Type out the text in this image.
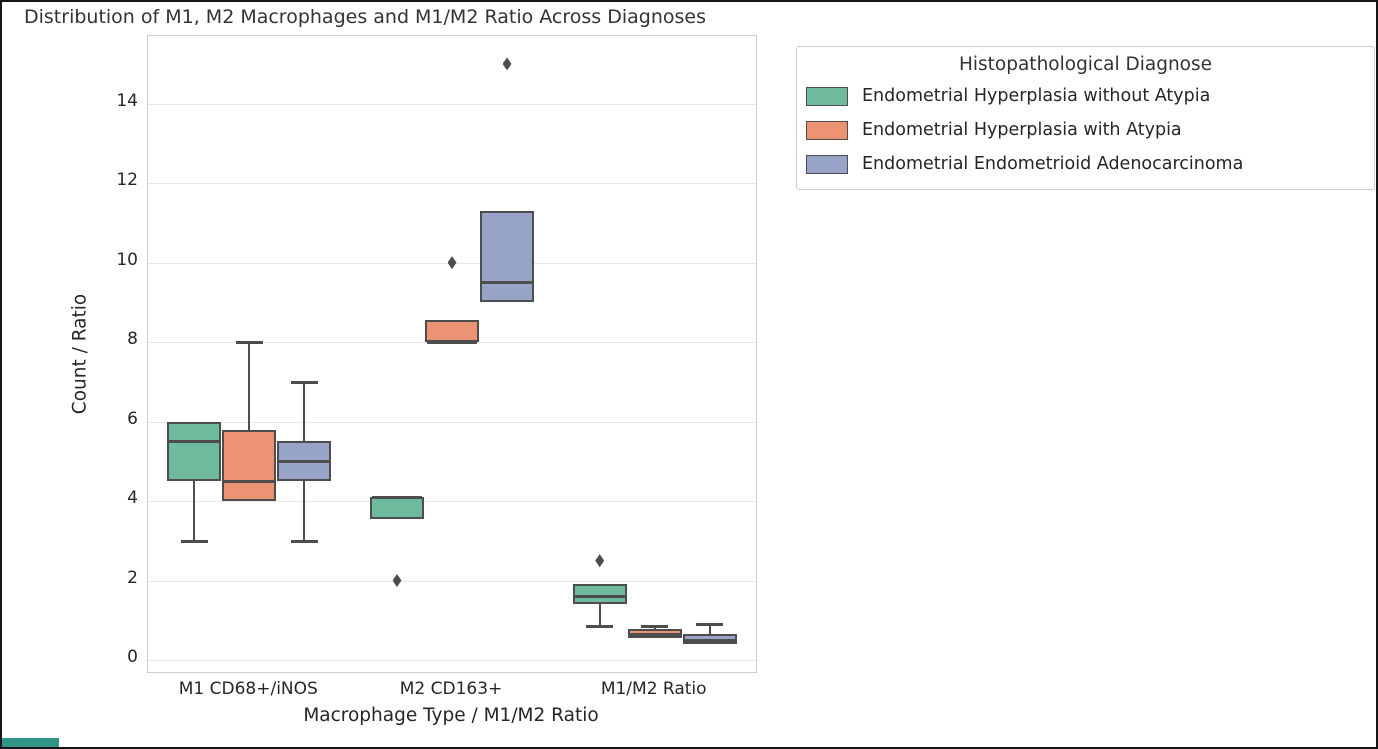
Distribution of M1, M2 Macrophages and M1/M2 Ratio Across Diagnoses
Count / Ratio
Macrophage Type / M1/M2 Ratio
Histopathological Diagnose
Endometrial Hyperplasia without Atypia
Endometrial Hyperplasia with Atypia
Endometrial Endometrioid Adenocarcinoma
0
2
4
6
8
10
12
14
M1 CD68+/iNOS	M2 CD163+	M1/M2 Ratio
